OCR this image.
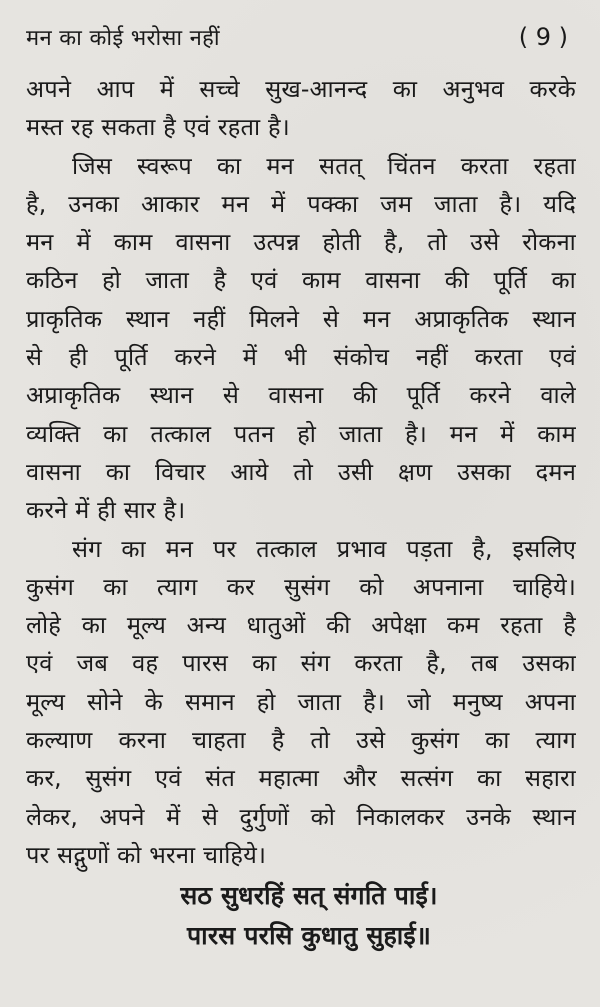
मन का कोई भरोसा नहीं	( 9 )
अपने आप में सच्चे सुख-आनन्द का अनुभव करके
मस्त रह सकता है एवं रहता है।
जिस स्वरूप का मन सतत् चिंतन करता रहता
है, उनका आकार मन में पक्का जम जाता है। यदि
मन में काम वासना उत्पन्न होती है, तो उसे रोकना
कठिन हो जाता है एवं काम वासना की पूर्ति का
प्राकृतिक स्थान नहीं मिलने से मन अप्राकृतिक स्थान
से ही पूर्ति करने में भी संकोच नहीं करता एवं
अप्राकृतिक स्थान से वासना की पूर्ति करने वाले
व्यक्ति का तत्काल पतन हो जाता है। मन में काम
वासना का विचार आये तो उसी क्षण उसका दमन
करने में ही सार है।
संग का मन पर तत्काल प्रभाव पड़ता है, इसलिए
कुसंग का त्याग कर सुसंग को अपनाना चाहिये।
लोहे का मूल्य अन्य धातुओं की अपेक्षा कम रहता है
एवं जब वह पारस का संग करता है, तब उसका
मूल्य सोने के समान हो जाता है। जो मनुष्य अपना
कल्याण करना चाहता है तो उसे कुसंग का त्याग
कर, सुसंग एवं संत महात्मा और सत्संग का सहारा
लेकर, अपने में से दुर्गुणों को निकालकर उनके स्थान
पर सद्गुणों को भरना चाहिये।
सठ सुधरहिं सत् संगति पाई।
पारस परसि कुधातु सुहाई॥
